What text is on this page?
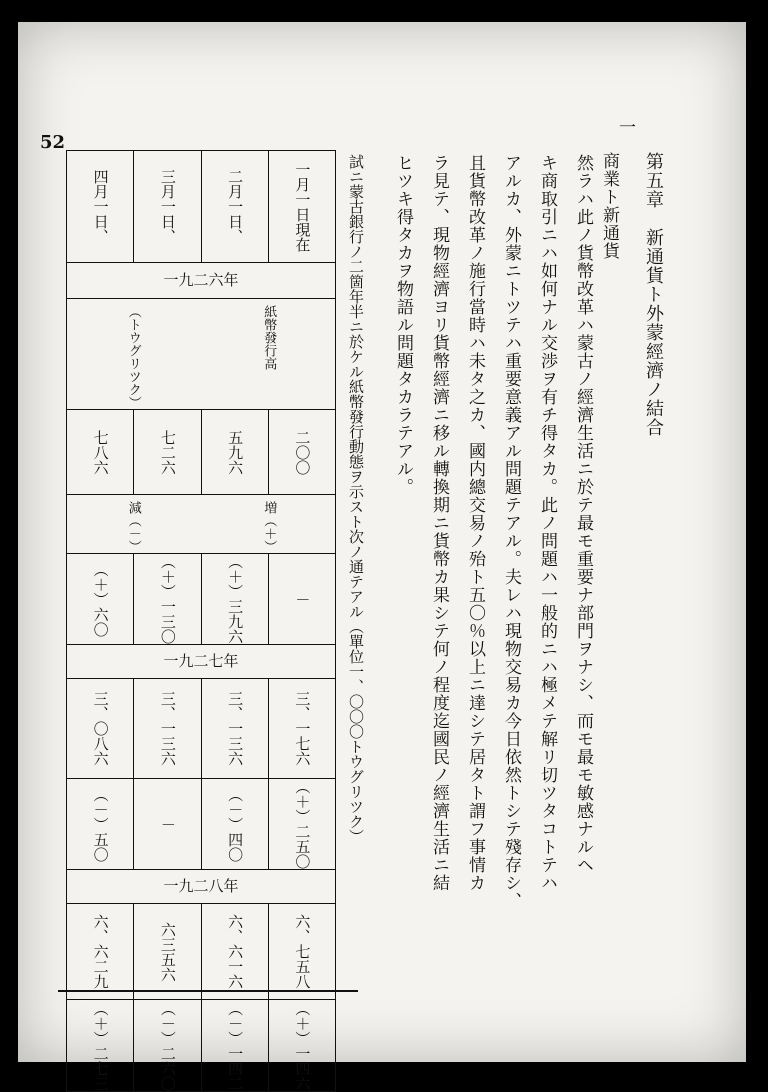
52
一
第五章　新通貨ト外蒙經濟ノ結合
商業ト新通貨
然ラハ此ノ貨幣改革ハ蒙古ノ經濟生活ニ於テ最モ重要ナ部門ヲナシ、而モ最モ敏感ナルヘ
キ商取引ニハ如何ナル交渉ヲ有チ得タカ。此ノ問題ハ一般的ニハ極メテ解リ切ツタコトテハ
アルカ、外蒙ニトツテハ重要意義アル問題テアル。夫レハ現物交易カ今日依然トシテ殘存シ、
且貨幣改革ノ施行當時ハ未タ之カ、國内總交易ノ殆ト五〇％以上ニ達シテ居タト謂フ事情カ
ラ見テ、現物經濟ヨリ貨幣經濟ニ移ル轉換期ニ貨幣カ果シテ何ノ程度迄國民ノ經濟生活ニ結
ヒツキ得タカヲ物語ル問題タカラテアル。
試ニ蒙古銀行ノ二箇年半ニ於ケル紙幣發行動態ヲ示スト次ノ通テアル（單位一、〇〇〇トウグリツク）
四月一日、	三月一日、	二月一日、	一月一日現在

一九二六年			

紙幣發行高
（トウグリツク）			

七八六	七二六	五九六	二〇〇

増（＋）
減（－）			

（＋）六〇	（＋）一三〇	（＋）三九六	－

一九二七年			

三、〇八六	三、一三六	三、一三六	三、一七六

（－）五〇	－	（－）四〇	（＋）二五〇

一九二八年			

六、六二九	六三五六	六、六一六	六、七五八

（＋）二七三	（－）二六〇	（－）一四二	（＋）一四六
